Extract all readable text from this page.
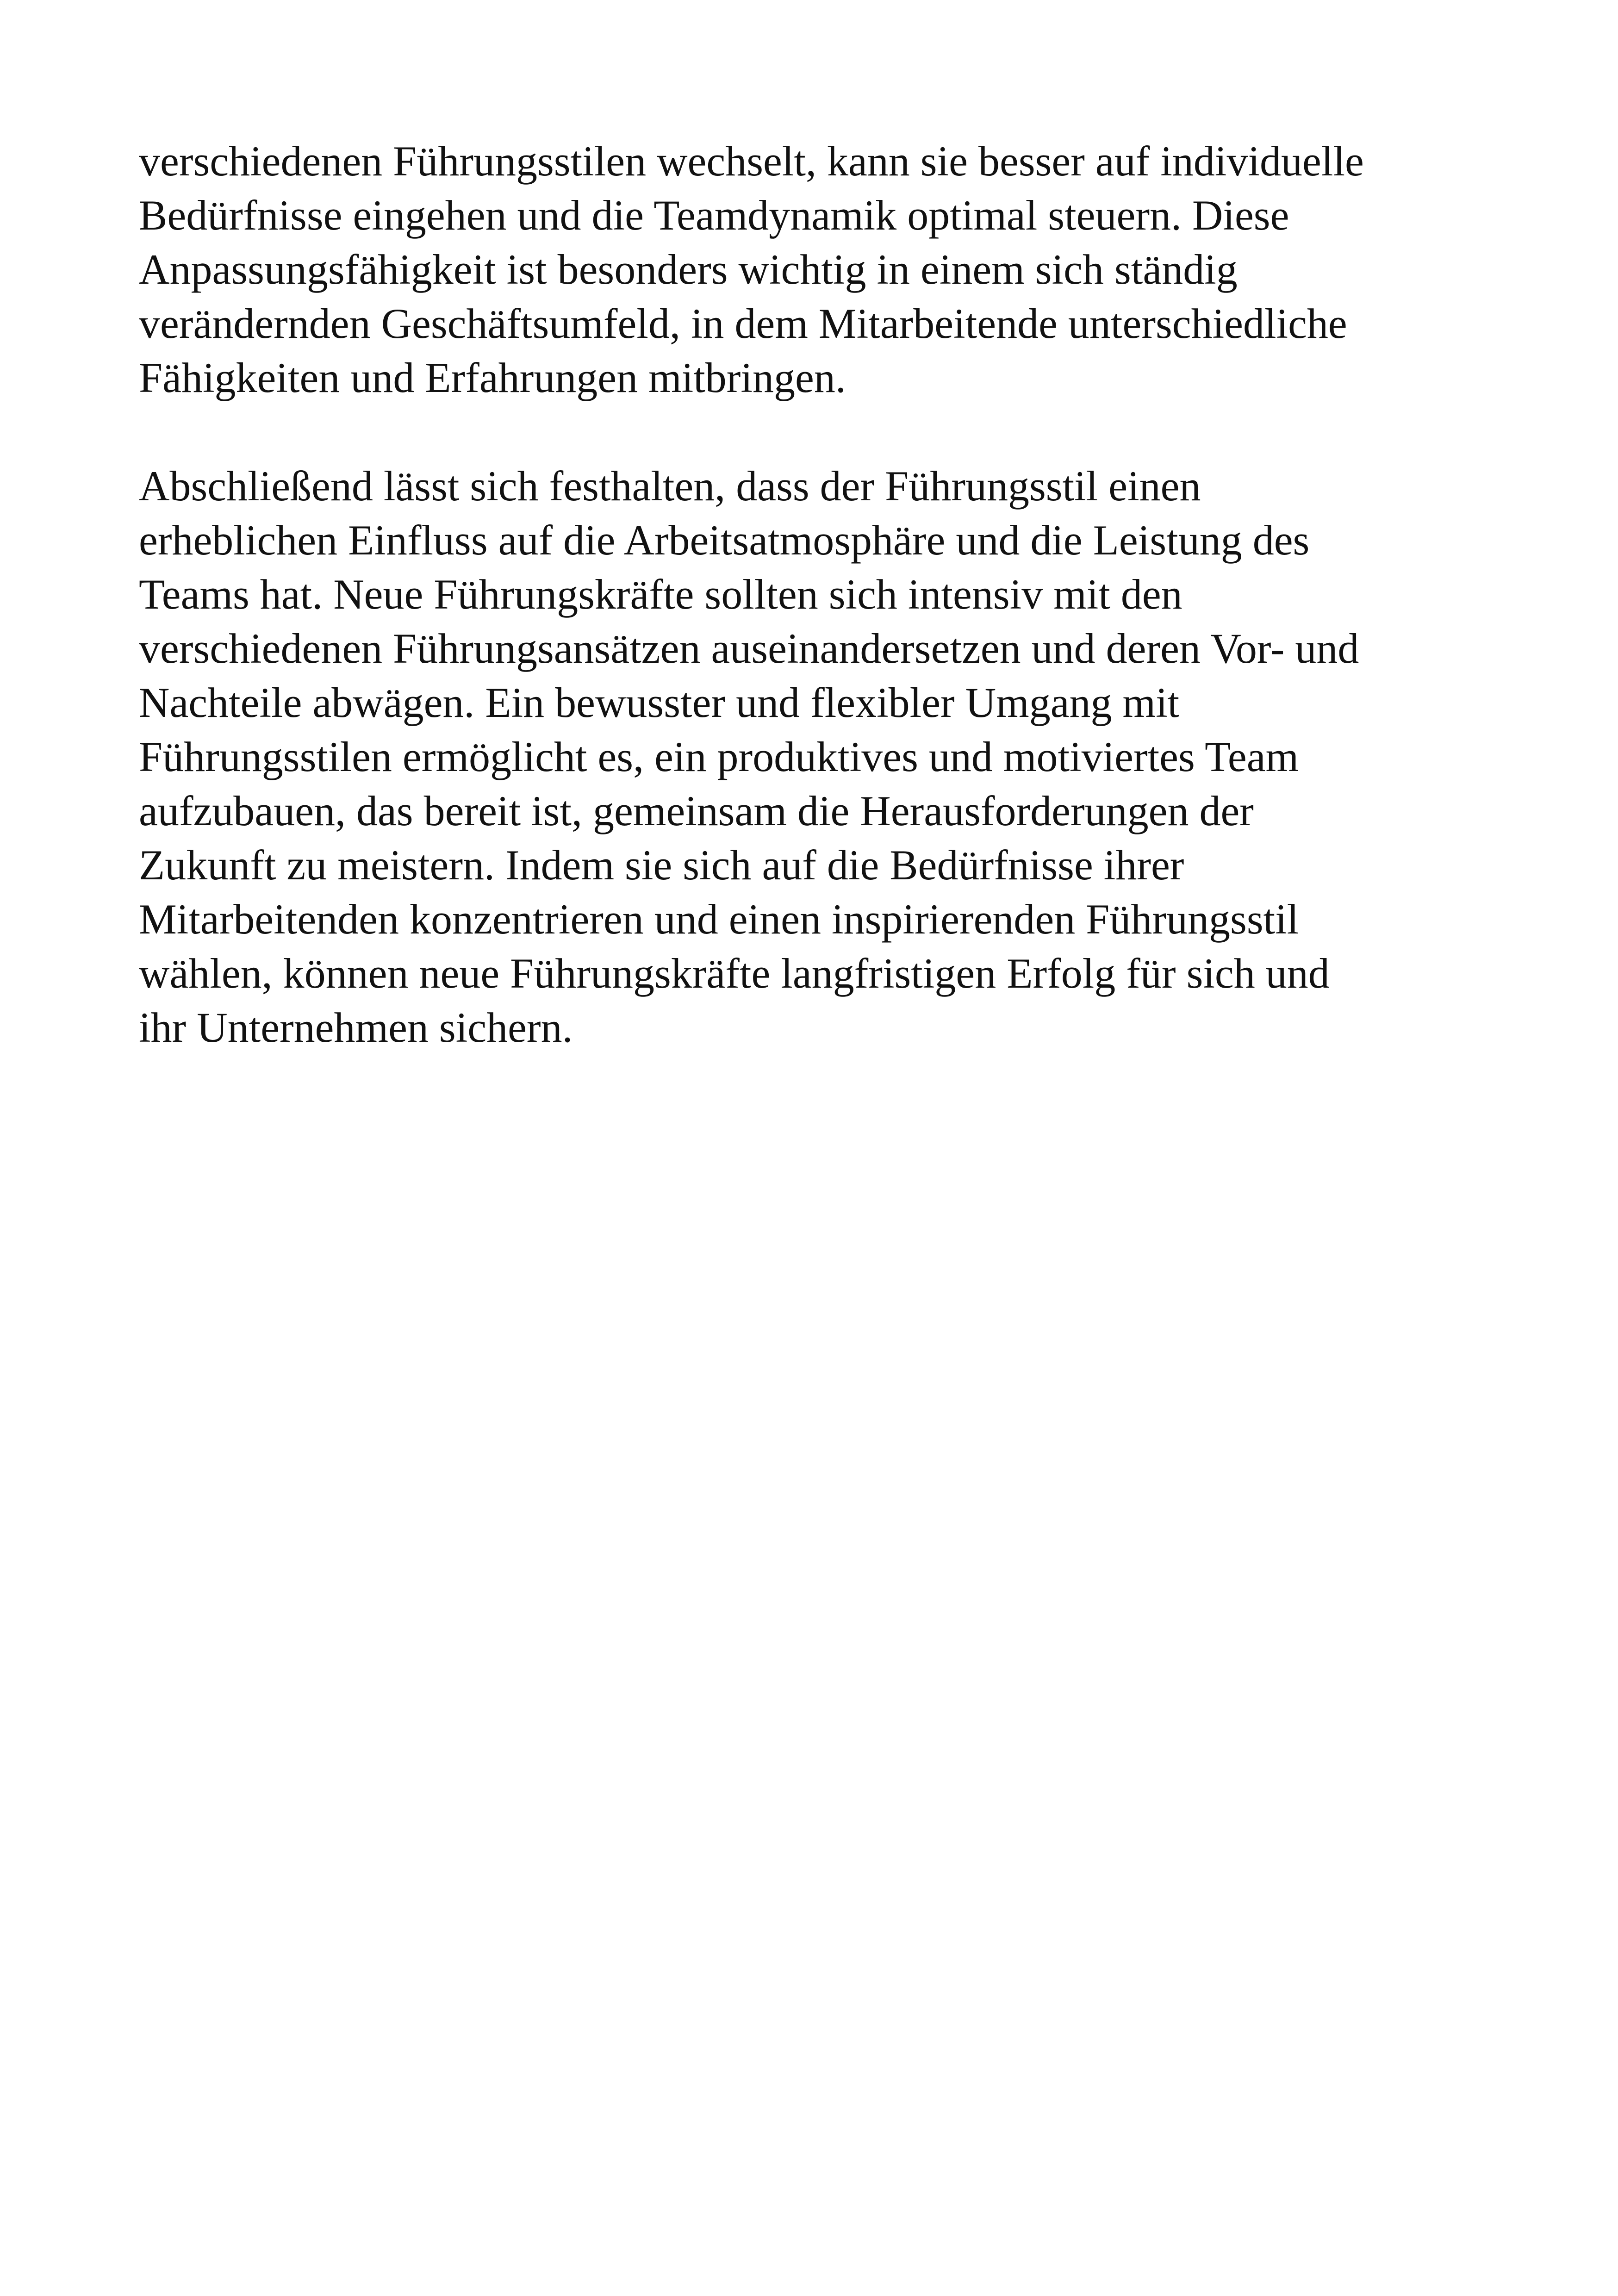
verschiedenen Führungsstilen wechselt, kann sie besser auf individuelle
Bedürfnisse eingehen und die Teamdynamik optimal steuern. Diese
Anpassungsfähigkeit ist besonders wichtig in einem sich ständig
verändernden Geschäftsumfeld, in dem Mitarbeitende unterschiedliche
Fähigkeiten und Erfahrungen mitbringen.

Abschließend lässt sich festhalten, dass der Führungsstil einen
erheblichen Einfluss auf die Arbeitsatmosphäre und die Leistung des
Teams hat. Neue Führungskräfte sollten sich intensiv mit den
verschiedenen Führungsansätzen auseinandersetzen und deren Vor- und
Nachteile abwägen. Ein bewusster und flexibler Umgang mit
Führungsstilen ermöglicht es, ein produktives und motiviertes Team
aufzubauen, das bereit ist, gemeinsam die Herausforderungen der
Zukunft zu meistern. Indem sie sich auf die Bedürfnisse ihrer
Mitarbeitenden konzentrieren und einen inspirierenden Führungsstil
wählen, können neue Führungskräfte langfristigen Erfolg für sich und
ihr Unternehmen sichern.
